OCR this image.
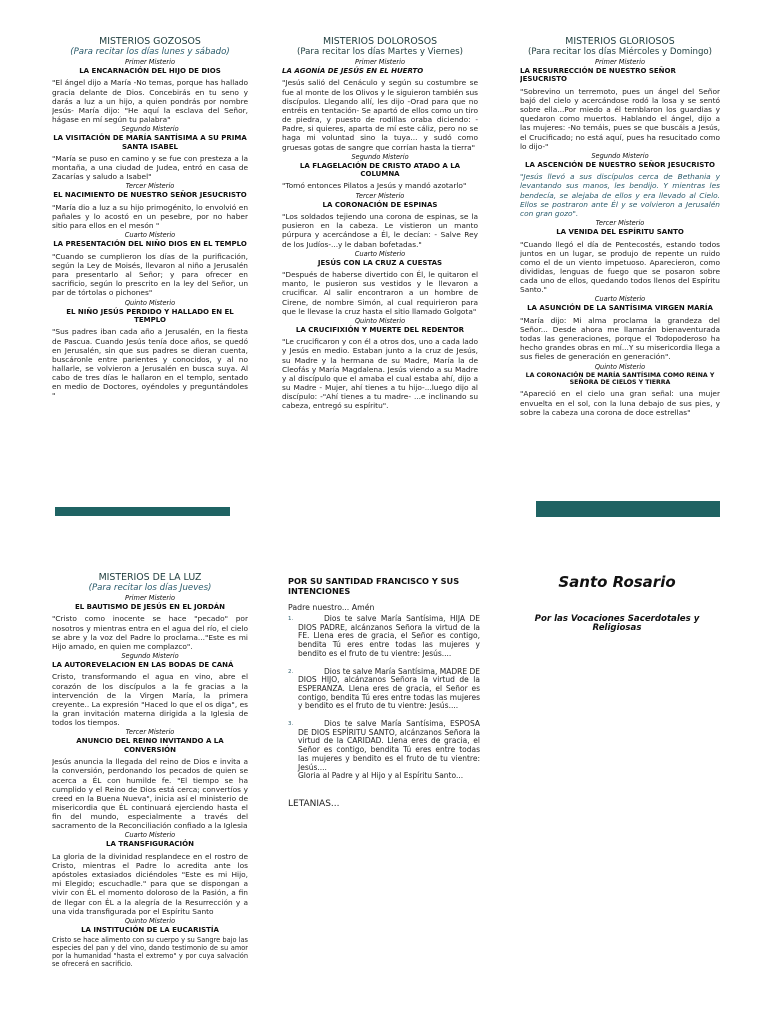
MISTERIOS GOZOSOS
(Para recitar los días lunes y sábado)
Primer Misterio
LA ENCARNACIÓN DEL HIJO DE DIOS
"El ángel dijo a María -No temas, porque has hallado gracia delante de Dios. Concebirás en tu seno y darás a luz a un hijo, a quien pondrás por nombre Jesús- María dijo: "He aquí la esclava del Señor, hágase en mí según tu palabra"
Segundo Misterio
LA VISITACIÓN DE MARÍA SANTÍSIMA A SU PRIMA SANTA ISABEL
"María se puso en camino y se fue con presteza a la montaña, a una ciudad de Judea, entró en casa de Zacarías y saludo a Isabel"
Tercer Misterio
EL NACIMIENTO DE NUESTRO SEÑOR JESUCRISTO
"María dio a luz a su hijo primogénito, lo envolvió en pañales y lo acostó en un pesebre, por no haber sitio para ellos en el mesón "
Cuarto Misterio
LA PRESENTACIÓN DEL NIÑO DIOS EN EL TEMPLO
"Cuando se cumplieron los días de la purificación, según la Ley de Moisés, llevaron al niño a Jerusalén para presentarlo al Señor; y para ofrecer en sacrificio, según lo prescrito en la ley del Señor, un par de tórtolas o pichones"
Quinto Misterio
EL NIÑO JESÚS PERDIDO Y HALLADO EN EL TEMPLO
"Sus padres iban cada año a Jerusalén, en la fiesta de Pascua. Cuando Jesús tenía doce años, se quedó en Jerusalén, sin que sus padres se dieran cuenta, buscáronle entre parientes y conocidos, y al no hallarle, se volvieron a Jerusalén en busca suya. Al cabo de tres días le hallaron en el templo, sentado en medio de Doctores, oyéndoles y preguntándoles "
MISTERIOS DOLOROSOS
(Para recitar los días Martes y Viernes)
Primer Misterio
LA AGONÍA DE JESÚS EN EL HUERTO
"Jesús salió del Cenáculo y según su costumbre se fue al monte de los Olivos y le siguieron también sus discípulos. Llegando allí, les dijo -Orad para que no entréis en tentación- Se apartó de ellos como un tiro de piedra, y puesto de rodillas oraba diciendo: - Padre, si quieres, aparta de mí este cáliz, pero no se haga mi voluntad sino la tuya... y sudó como gruesas gotas de sangre que corrían hasta la tierra"
Segundo Misterio
LA FLAGELACIÓN DE CRISTO ATADO A LA COLUMNA
"Tomó entonces Pilatos a Jesús y mandó azotarlo"
Tercer Misterio
LA CORONACIÓN DE ESPINAS
"Los soldados tejiendo una corona de espinas, se la pusieron en la cabeza. Le vistieron un manto púrpura y acercándose a Él, le decían: - Salve Rey de los Judíos-...y le daban bofetadas."
Cuarto Misterio
JESÚS CON LA CRUZ A CUESTAS
"Después de haberse divertido con Él, le quitaron el manto, le pusieron sus vestidos y le llevaron a crucificar. Al salir encontraron a un hombre de Cirene, de nombre Simón, al cual requirieron para que le llevase la cruz hasta el sitio llamado Golgota"
Quinto Misterio
LA CRUCIFIXIÓN Y MUERTE DEL REDENTOR
"Le crucificaron y con él a otros dos, uno a cada lado y Jesús en medio. Estaban junto a la cruz de Jesús, su Madre y la hermana de su Madre, María la de Cleofás y María Magdalena. Jesús viendo a su Madre y al discípulo que el amaba el cual estaba ahí, dijo a su Madre - Mujer, ahí tienes a tu hijo-...luego dijo al discípulo: -"Ahí tienes a tu madre- ...e inclinando su cabeza, entregó su espíritu".
MISTERIOS GLORIOSOS
(Para recitar los días Miércoles y Domingo)
Primer Misterio
LA RESURRECCIÓN DE NUESTRO SEÑOR JESUCRISTO
"Sobrevino un terremoto, pues un ángel del Señor bajó del cielo y acercándose rodó la losa y se sentó sobre ella...Por miedo a él temblaron los guardias y quedaron como muertos. Hablando el ángel, dijo a las mujeres: -No temáis, pues se que buscáis a Jesús, el Crucificado; no está aquí, pues ha resucitado como lo dijo-"
Segundo Misterio
LA ASCENCIÓN DE NUESTRO SEÑOR JESUCRISTO
"Jesús llevó a sus discípulos cerca de Bethania y levantando sus manos, les bendijo. Y mientras les bendecía, se alejaba de ellos y era llevado al Cielo. Ellos se postraron ante Él y se volvieron a Jerusalén con gran gozo".
Tercer Misterio
LA VENIDA DEL ESPÍRITU SANTO
"Cuando llegó el día de Pentecostés, estando todos juntos en un lugar, se produjo de repente un ruido como el de un viento impetuoso. Aparecieron, como divididas, lenguas de fuego que se posaron sobre cada uno de ellos, quedando todos llenos del Espíritu Santo."
Cuarto Misterio
LA ASUNCIÓN DE LA SANTÍSIMA VIRGEN MARÍA
"María dijo: Mi alma proclama la grandeza del Señor... Desde ahora me llamarán bienaventurada todas las generaciones, porque el Todopoderoso ha hecho grandes obras en mí...Y su misericordia llega a sus fieles de generación en generación".
Quinto Misterio
LA CORONACIÓN DE MARÍA SANTÍSIMA COMO REINA Y SEÑORA DE CIELOS Y TIERRA
"Apareció en el cielo una gran señal: una mujer envuelta en el sol, con la luna debajo de sus pies, y sobre la cabeza una corona de doce estrellas"
MISTERIOS DE LA LUZ
(Para recitar los días Jueves)
Primer Misterio
EL BAUTISMO DE JESÚS EN EL JORDÁN
"Cristo como inocente se hace "pecado" por nosotros y mientras entra en el agua del río, el cielo se abre y la voz del Padre lo proclama..."Este es mi Hijo amado, en quien me complazco".
Segundo Misterio
LA AUTOREVELACION EN LAS BODAS DE CANÁ
Cristo, transformando el agua en vino, abre el corazón de los discípulos a la fe gracias a la intervención de la Virgen María, la primera creyente.. La expresión "Haced lo que el os diga", es la gran invitación materna dirigida a la Iglesia de todos los tiempos.
Tercer Misterio
ANUNCIO DEL REINO INVITANDO A LA CONVERSIÓN
Jesús anuncia la llegada del reino de Dios e invita a la conversión, perdonando los pecados de quien se acerca a ÉL con humilde fe. "El tiempo se ha cumplido y el Reino de Dios está cerca; convertíos y creed en la Buena Nueva", inicia así el ministerio de misericordia que ÉL continuará ejerciendo hasta el fin del mundo, especialmente a través del sacramento de la Reconciliación confiado a la Iglesia
Cuarto Misterio
LA TRANSFIGURACIÓN
La gloria de la divinidad resplandece en el rostro de Cristo, mientras el Padre lo acredita ante los apóstoles extasiados diciéndoles "Este es mi Hijo, mi Elegido; escuchadle." para que se dispongan a vivir con ÉL el momento doloroso de la Pasión, a fin de llegar con ÉL a la alegría de la Resurrección y a una vida transfigurada por el Espíritu Santo
Quinto Misterio
LA INSTITUCIÓN DE LA EUCARISTÍA
Cristo se hace alimento con su cuerpo y su Sangre bajo las especies del pan y del vino, dando testimonio de su amor por la humanidad "hasta el extremo" y por cuya salvación se ofrecerá en sacrificio.
POR SU SANTIDAD FRANCISCO Y SUS INTENCIONES
Padre nuestro... Amén
1.	Dios te salve María Santísima, HIJA DE DIOS PADRE, alcánzanos Señora la virtud de la FE. Llena eres de gracia, el Señor es contigo, bendita Tú eres entre todas las mujeres y bendito es el fruto de tu vientre: Jesús....
2.	Dios te salve María Santísima, MADRE DE DIOS HIJO, alcánzanos Señora la virtud de la ESPERANZA. Llena eres de gracia, el Señor es contigo, bendita Tú eres entre todas las mujeres y bendito es el fruto de tu vientre: Jesús....
3.	Dios te salve María Santísima, ESPOSA DE DIOS ESPÍRITU SANTO, alcánzanos Señora la virtud de la CARIDAD. Llena eres de gracia, el Señor es contigo, bendita Tú eres entre todas las mujeres y bendito es el fruto de tu vientre: Jesús....
Gloria al Padre y al Hijo y al Espíritu Santo...
LETANIAS...
Santo Rosario
Por las Vocaciones Sacerdotales y Religiosas
